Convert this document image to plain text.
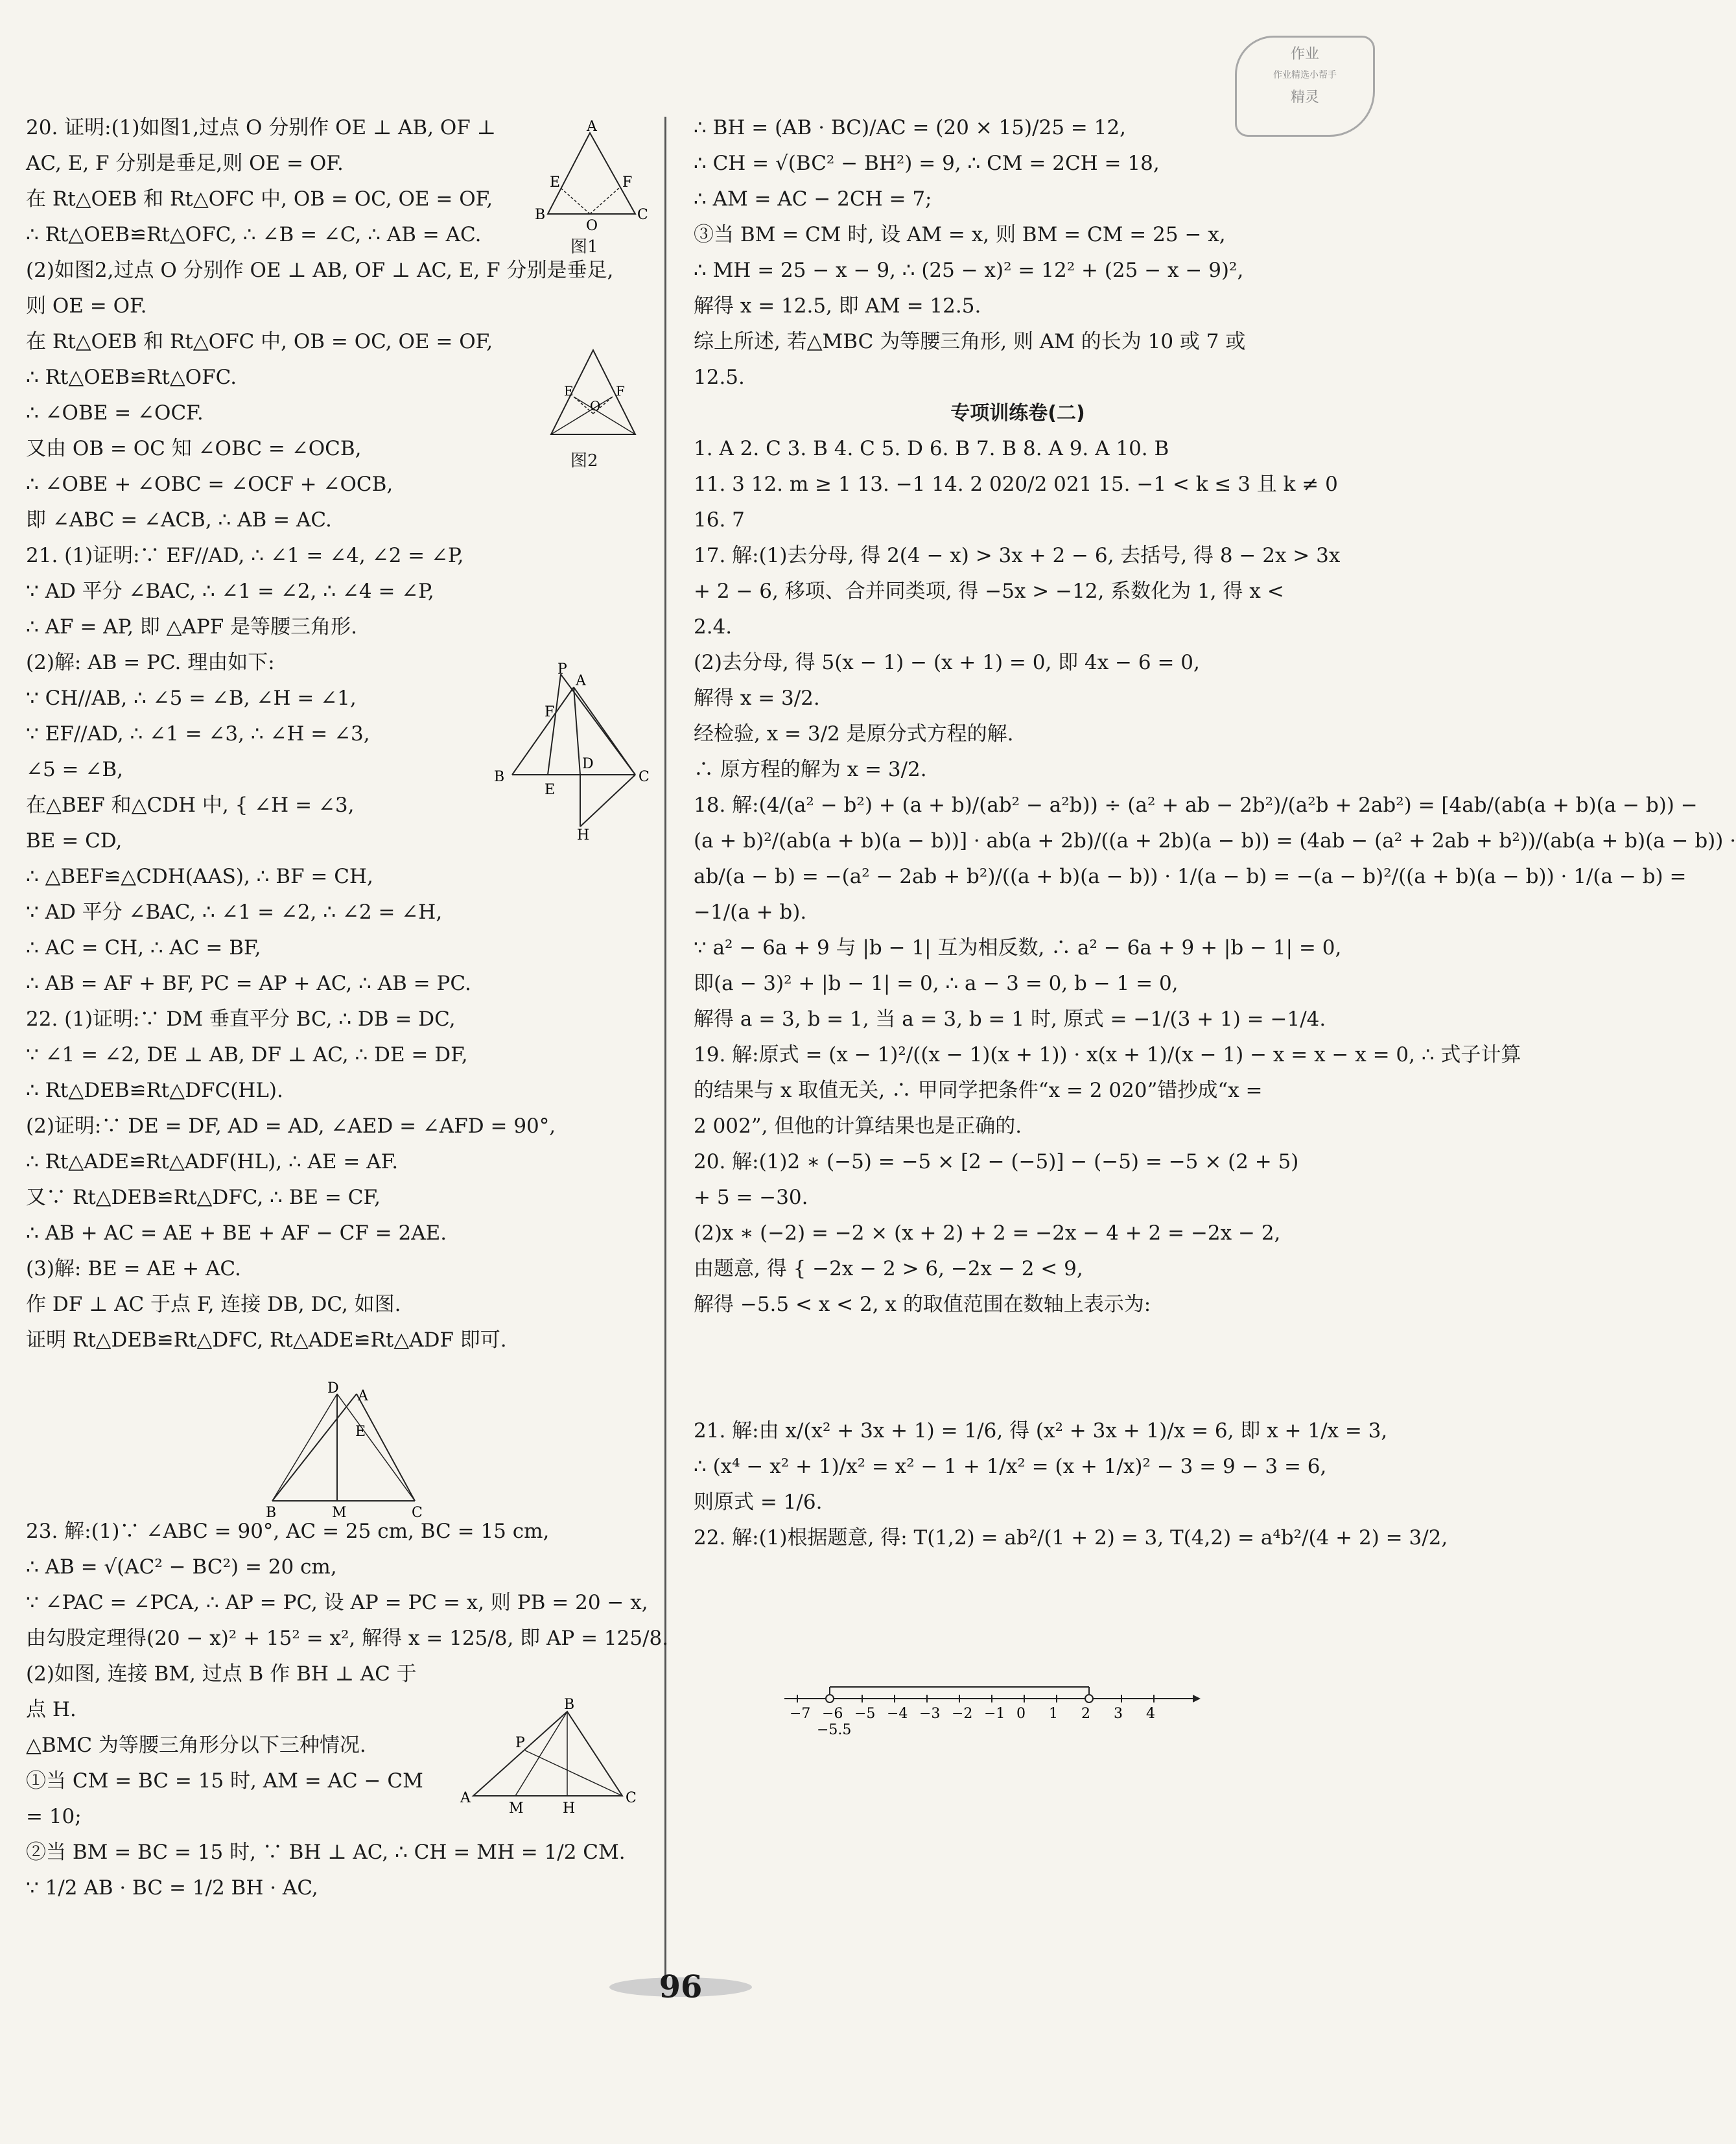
作业
作业精选小帮手
精灵
20. 证明:(1)如图1,过点 O 分别作 OE ⊥ AB, OF ⊥
AC, E, F 分别是垂足,则 OE = OF.
在 Rt△OEB 和 Rt△OFC 中, OB = OC, OE = OF,
∴ Rt△OEB≌Rt△OFC, ∴ ∠B = ∠C, ∴ AB = AC.
(2)如图2,过点 O 分别作 OE ⊥ AB, OF ⊥ AC, E, F 分别是垂足,
则 OE = OF.
在 Rt△OEB 和 Rt△OFC 中, OB = OC, OE = OF,
∴ Rt△OEB≌Rt△OFC.
∴ ∠OBE = ∠OCF.
又由 OB = OC 知 ∠OBC = ∠OCB,
∴ ∠OBE + ∠OBC = ∠OCF + ∠OCB,
即 ∠ABC = ∠ACB, ∴ AB = AC.
21. (1)证明:∵ EF//AD, ∴ ∠1 = ∠4, ∠2 = ∠P,
∵ AD 平分 ∠BAC, ∴ ∠1 = ∠2, ∴ ∠4 = ∠P,
∴ AF = AP, 即 △APF 是等腰三角形.
(2)解: AB = PC. 理由如下:
∵ CH//AB, ∴ ∠5 = ∠B, ∠H = ∠1,
∵ EF//AD, ∴ ∠1 = ∠3, ∴ ∠H = ∠3,
∠5 = ∠B,
在△BEF 和△CDH 中, { ∠H = ∠3,
BE = CD,
∴ △BEF≌△CDH(AAS), ∴ BF = CH,
∵ AD 平分 ∠BAC, ∴ ∠1 = ∠2, ∴ ∠2 = ∠H,
∴ AC = CH, ∴ AC = BF,
∴ AB = AF + BF, PC = AP + AC, ∴ AB = PC.
22. (1)证明:∵ DM 垂直平分 BC, ∴ DB = DC,
∵ ∠1 = ∠2, DE ⊥ AB, DF ⊥ AC, ∴ DE = DF,
∴ Rt△DEB≌Rt△DFC(HL).
(2)证明:∵ DE = DF, AD = AD, ∠AED = ∠AFD = 90°,
∴ Rt△ADE≌Rt△ADF(HL), ∴ AE = AF.
又∵ Rt△DEB≌Rt△DFC, ∴ BE = CF,
∴ AB + AC = AE + BE + AF − CF = 2AE.
(3)解: BE = AE + AC.
作 DF ⊥ AC 于点 F, 连接 DB, DC, 如图.
证明 Rt△DEB≌Rt△DFC, Rt△ADE≌Rt△ADF 即可.
23. 解:(1)∵ ∠ABC = 90°, AC = 25 cm, BC = 15 cm,
∴ AB = √(AC² − BC²) = 20 cm,
∵ ∠PAC = ∠PCA, ∴ AP = PC, 设 AP = PC = x, 则 PB = 20 − x,
由勾股定理得(20 − x)² + 15² = x², 解得 x = 125/8, 即 AP = 125/8.
(2)如图, 连接 BM, 过点 B 作 BH ⊥ AC 于
点 H.
△BMC 为等腰三角形分以下三种情况.
①当 CM = BC = 15 时, AM = AC − CM
= 10;
②当 BM = BC = 15 时, ∵ BH ⊥ AC, ∴ CH = MH = 1/2 CM.
∵ 1/2 AB · BC = 1/2 BH · AC,
A
B	C
E	F
O
图1
E	F
O
图2
P
A
B	C
D
E
F
H
D A
B	M	C
E
A
B
C
P
M	H
∴ BH = (AB · BC)/AC = (20 × 15)/25 = 12,
∴ CH = √(BC² − BH²) = 9, ∴ CM = 2CH = 18,
∴ AM = AC − 2CH = 7;
③当 BM = CM 时, 设 AM = x, 则 BM = CM = 25 − x,
∴ MH = 25 − x − 9, ∴ (25 − x)² = 12² + (25 − x − 9)²,
解得 x = 12.5, 即 AM = 12.5.
综上所述, 若△MBC 为等腰三角形, 则 AM 的长为 10 或 7 或
12.5.
专项训练卷(二)
1. A 2. C 3. B 4. C 5. D 6. B 7. B 8. A 9. A 10. B
11. 3 12. m ≥ 1 13. −1 14. 2 020/2 021 15. −1 < k ≤ 3 且 k ≠ 0
16. 7
17. 解:(1)去分母, 得 2(4 − x) > 3x + 2 − 6, 去括号, 得 8 − 2x > 3x
+ 2 − 6, 移项、合并同类项, 得 −5x > −12, 系数化为 1, 得 x <
2.4.
(2)去分母, 得 5(x − 1) − (x + 1) = 0, 即 4x − 6 = 0,
解得 x = 3/2.
经检验, x = 3/2 是原分式方程的解.
∴ 原方程的解为 x = 3/2.
18. 解:(4/(a² − b²) + (a + b)/(ab² − a²b)) ÷ (a² + ab − 2b²)/(a²b + 2ab²) = [4ab/(ab(a + b)(a − b)) −
(a + b)²/(ab(a + b)(a − b))] · ab(a + 2b)/((a + 2b)(a − b)) = (4ab − (a² + 2ab + b²))/(ab(a + b)(a − b)) ·
ab/(a − b) = −(a² − 2ab + b²)/((a + b)(a − b)) · 1/(a − b) = −(a − b)²/((a + b)(a − b)) · 1/(a − b) =
−1/(a + b).
∵ a² − 6a + 9 与 |b − 1| 互为相反数, ∴ a² − 6a + 9 + |b − 1| = 0,
即(a − 3)² + |b − 1| = 0, ∴ a − 3 = 0, b − 1 = 0,
解得 a = 3, b = 1, 当 a = 3, b = 1 时, 原式 = −1/(3 + 1) = −1/4.
19. 解:原式 = (x − 1)²/((x − 1)(x + 1)) · x(x + 1)/(x − 1) − x = x − x = 0, ∴ 式子计算
的结果与 x 取值无关, ∴ 甲同学把条件“x = 2 020”错抄成“x =
2 002”, 但他的计算结果也是正确的.
20. 解:(1)2 ∗ (−5) = −5 × [2 − (−5)] − (−5) = −5 × (2 + 5)
+ 5 = −30.
(2)x ∗ (−2) = −2 × (x + 2) + 2 = −2x − 4 + 2 = −2x − 2,
由题意, 得 { −2x − 2 > 6, −2x − 2 < 9,
解得 −5.5 < x < 2, x 的取值范围在数轴上表示为:
21. 解:由 x/(x² + 3x + 1) = 1/6, 得 (x² + 3x + 1)/x = 6, 即 x + 1/x = 3,
∴ (x⁴ − x² + 1)/x² = x² − 1 + 1/x² = (x + 1/x)² − 3 = 9 − 3 = 6,
则原式 = 1/6.
22. 解:(1)根据题意, 得: T(1,2) = ab²/(1 + 2) = 3, T(4,2) = a⁴b²/(4 + 2) = 3/2,
−7 −6 −5 −4 −3 −2 −1 0 1 2 3 4
−5.5
96
